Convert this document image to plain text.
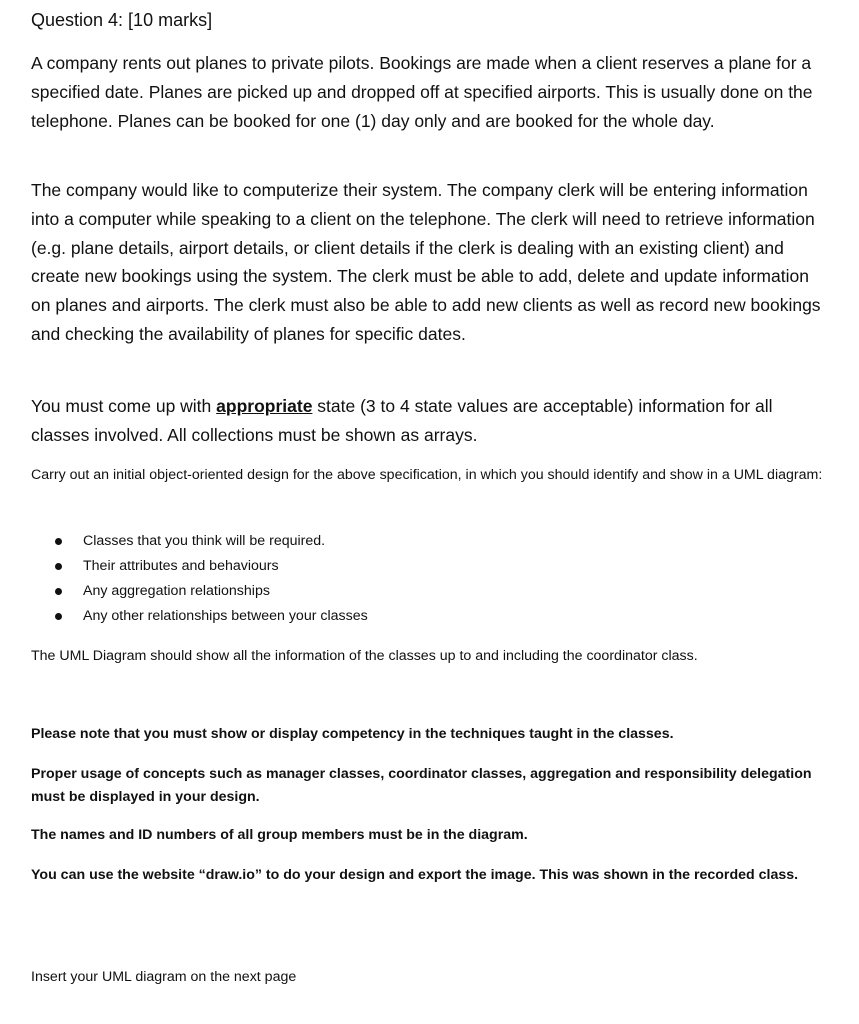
Question 4: [10 marks]

A company rents out planes to private pilots. Bookings are made when a client reserves a plane for a specified date. Planes are picked up and dropped off at specified airports. This is usually done on the telephone. Planes can be booked for one (1) day only and are booked for the whole day.

The company would like to computerize their system. The company clerk will be entering information into a computer while speaking to a client on the telephone. The clerk will need to retrieve information (e.g. plane details, airport details, or client details if the clerk is dealing with an existing client) and create new bookings using the system. The clerk must be able to add, delete and update information on planes and airports. The clerk must also be able to add new clients as well as record new bookings and checking the availability of planes for specific dates.

You must come up with appropriate state (3 to 4 state values are acceptable) information for all classes involved. All collections must be shown as arrays.

Carry out an initial object-oriented design for the above specification, in which you should identify and show in a UML diagram:

Classes that you think will be required.
Their attributes and behaviours
Any aggregation relationships
Any other relationships between your classes

The UML Diagram should show all the information of the classes up to and including the coordinator class.

Please note that you must show or display competency in the techniques taught in the classes.

Proper usage of concepts such as manager classes, coordinator classes, aggregation and responsibility delegation must be displayed in your design.

The names and ID numbers of all group members must be in the diagram.

You can use the website “draw.io” to do your design and export the image. This was shown in the recorded class.

Insert your UML diagram on the next page
